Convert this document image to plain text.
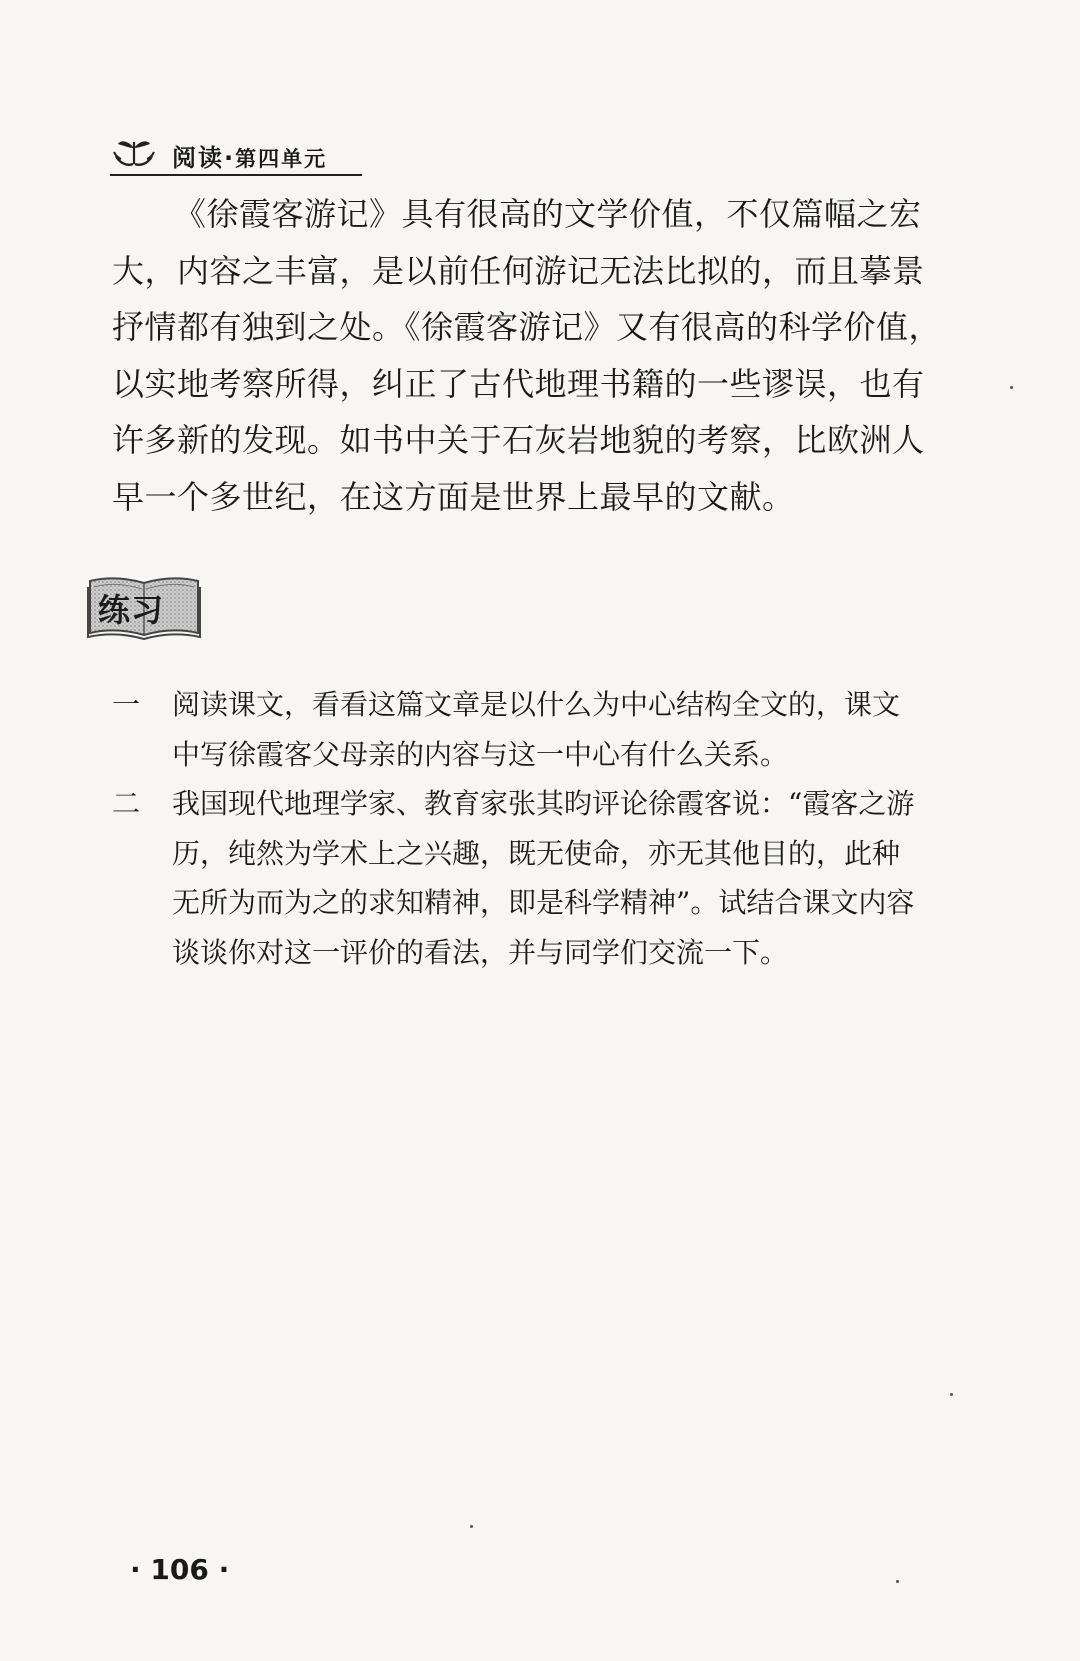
阅读·第四单元
《徐霞客游记》具有很高的文学价值，不仅篇幅之宏
大，内容之丰富，是以前任何游记无法比拟的，而且摹景
抒情都有独到之处。《徐霞客游记》又有很高的科学价值，
以实地考察所得，纠正了古代地理书籍的一些谬误，也有
许多新的发现。如书中关于石灰岩地貌的考察，比欧洲人
早一个多世纪，在这方面是世界上最早的文献。
练习
一 阅读课文，看看这篇文章是以什么为中心结构全文的，课文
中写徐霞客父母亲的内容与这一中心有什么关系。
二 我国现代地理学家、教育家张其昀评论徐霞客说：“霞客之游
历，纯然为学术上之兴趣，既无使命，亦无其他目的，此种
无所为而为之的求知精神，即是科学精神”。试结合课文内容
谈谈你对这一评价的看法，并与同学们交流一下。
· 106 ·
